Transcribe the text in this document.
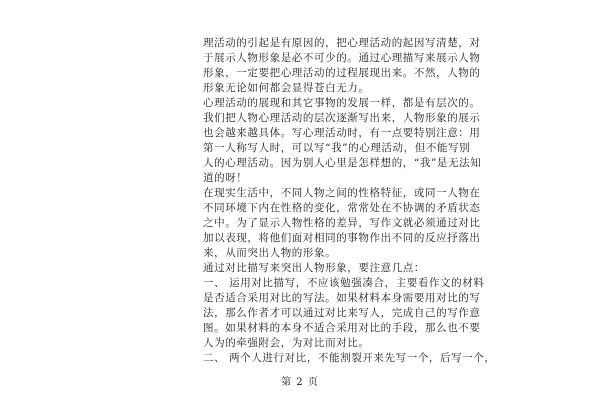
理活动的引起是有原因的，把心理活动的起因写清楚，对
于展示人物形象是必不可少的。通过心理描写来展示人物
形象，一定要把心理活动的过程展现出来。不然，人物的
形象无论如何都会显得苍白无力。
心理活动的展现和其它事物的发展一样，都是有层次的。
我们把人物心理活动的层次逐渐写出来，人物形象的展示
也会越来越具体。写心理活动时，有一点要特别注意：用
第一人称写人时，可以写“我”的心理活动，但不能写别
人的心理活动。因为别人心里是怎样想的，“我”是无法知
道的呀！
在现实生活中，不同人物之间的性格特征，或同一人物在
不同环境下内在性格的变化，常常处在不协调的矛盾状态
之中。为了显示人物性格的差异，写作文就必须通过对比
加以表现，将他们面对相同的事物作出不同的反应抒落出
来，从而突出人物的形象。
通过对比描写来突出人物形象，要注意几点：
一、 运用对比描写，不应该勉强凑合，主要看作文的材料
是否适合采用对比的写法。如果材料本身需要用对比的写
法，那么作者才可以通过对比来写人，完成自己的写作意
图。如果材料的本身不适合采用对比的手段，那么也不要
人为的牵强附会，为对比而对比。
二、 两个人进行对比，不能割裂开来先写一个，后写一个，
第 2 页
